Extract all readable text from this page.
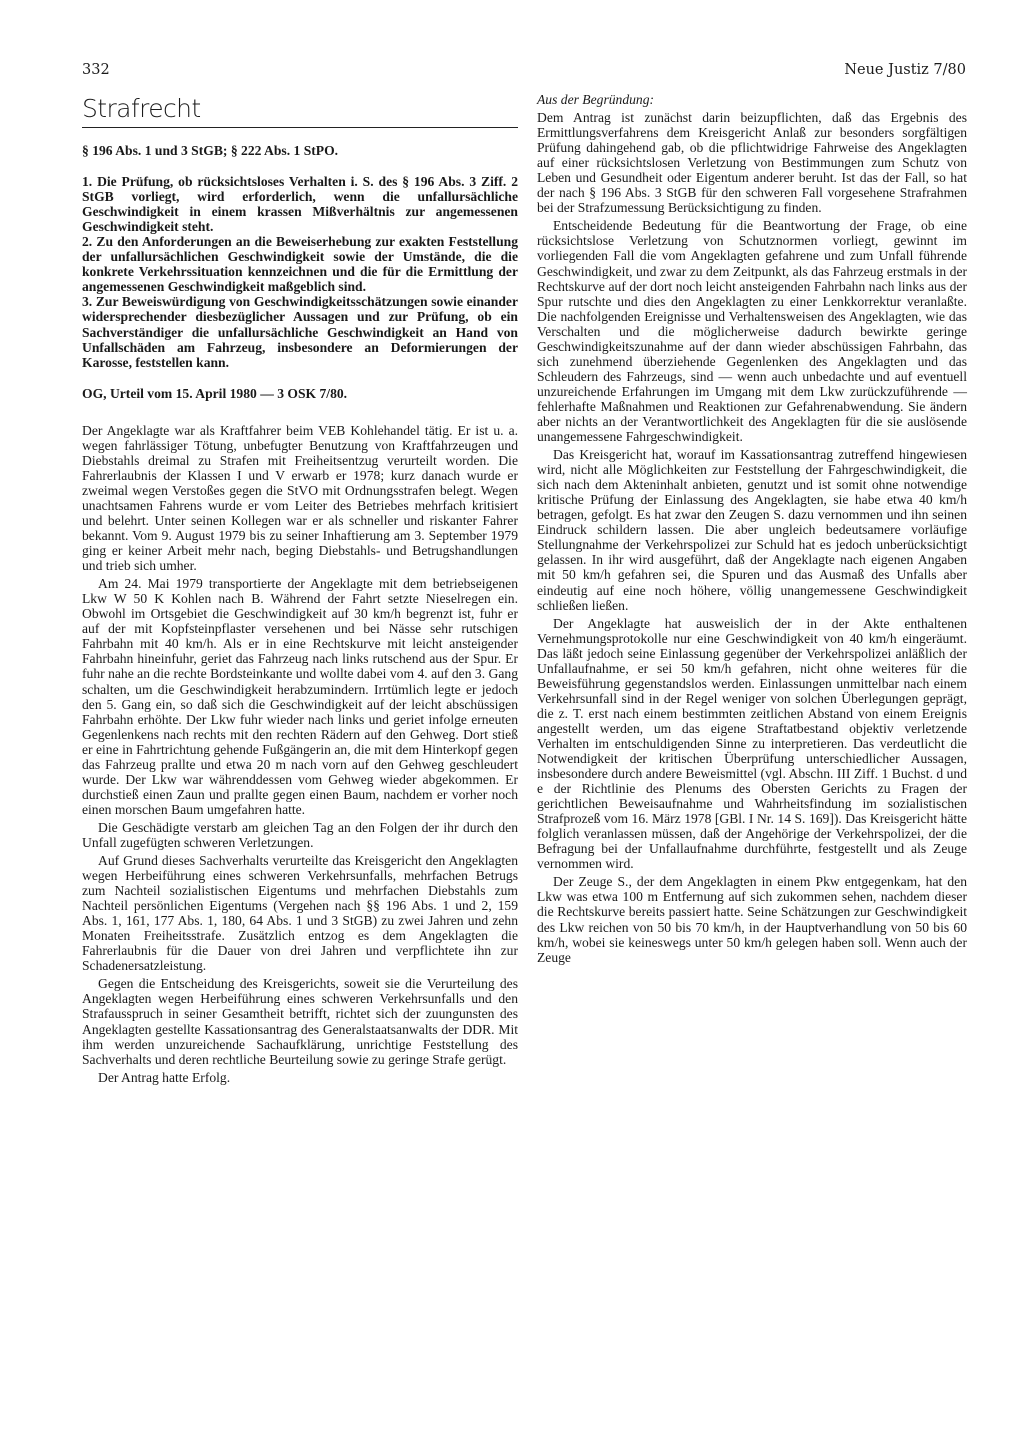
332	Neue Justiz 7/80
Strafrecht
§ 196 Abs. 1 und 3 StGB; § 222 Abs. 1 StPO.

1. Die Prüfung, ob rücksichtsloses Verhalten i. S. des § 196 Abs. 3 Ziff. 2 StGB vorliegt, wird erforderlich, wenn die unfallursächliche Geschwindigkeit in einem krassen Mißverhältnis zur angemessenen Geschwindigkeit steht.

2. Zu den Anforderungen an die Beweiserhebung zur exakten Feststellung der unfallursächlichen Geschwindigkeit sowie der Umstände, die die konkrete Verkehrssituation kennzeichnen und die für die Ermittlung der angemessenen Geschwindigkeit maßgeblich sind.

3. Zur Beweiswürdigung von Geschwindigkeitsschätzungen sowie einander widersprechender diesbezüglicher Aussagen und zur Prüfung, ob ein Sachverständiger die unfallursächliche Geschwindigkeit an Hand von Unfallschäden am Fahrzeug, insbesondere an Deformierungen der Karosse, feststellen kann.

OG, Urteil vom 15. April 1980 — 3 OSK 7/80.

Der Angeklagte war als Kraftfahrer beim VEB Kohlehandel tätig. Er ist u. a. wegen fahrlässiger Tötung, unbefugter Benutzung von Kraftfahrzeugen und Diebstahls dreimal zu Strafen mit Freiheitsentzug verurteilt worden. Die Fahrerlaubnis der Klassen I und V erwarb er 1978; kurz danach wurde er zweimal wegen Verstoßes gegen die StVO mit Ordnungsstrafen belegt. Wegen unachtsamen Fahrens wurde er vom Leiter des Betriebes mehrfach kritisiert und belehrt. Unter seinen Kollegen war er als schneller und riskanter Fahrer bekannt. Vom 9. August 1979 bis zu seiner Inhaftierung am 3. September 1979 ging er keiner Arbeit mehr nach, beging Diebstahls- und Betrugshandlungen und trieb sich umher.

Am 24. Mai 1979 transportierte der Angeklagte mit dem betriebseigenen Lkw W 50 K Kohlen nach B. Während der Fahrt setzte Nieselregen ein. Obwohl im Ortsgebiet die Geschwindigkeit auf 30 km/h begrenzt ist, fuhr er auf der mit Kopfsteinpflaster versehenen und bei Nässe sehr rutschigen Fahrbahn mit 40 km/h. Als er in eine Rechtskurve mit leicht ansteigender Fahrbahn hineinfuhr, geriet das Fahrzeug nach links rutschend aus der Spur. Er fuhr nahe an die rechte Bordsteinkante und wollte dabei vom 4. auf den 3. Gang schalten, um die Geschwindigkeit herabzumindern. Irrtümlich legte er jedoch den 5. Gang ein, so daß sich die Geschwindigkeit auf der leicht abschüssigen Fahrbahn erhöhte. Der Lkw fuhr wieder nach links und geriet infolge erneuten Gegenlenkens nach rechts mit den rechten Rädern auf den Gehweg. Dort stieß er eine in Fahrtrichtung gehende Fußgängerin an, die mit dem Hinterkopf gegen das Fahrzeug prallte und etwa 20 m nach vorn auf den Gehweg geschleudert wurde. Der Lkw war währenddessen vom Gehweg wieder abgekommen. Er durchstieß einen Zaun und prallte gegen einen Baum, nachdem er vorher noch einen morschen Baum umgefahren hatte.

Die Geschädigte verstarb am gleichen Tag an den Folgen der ihr durch den Unfall zugefügten schweren Verletzungen.

Auf Grund dieses Sachverhalts verurteilte das Kreisgericht den Angeklagten wegen Herbeiführung eines schweren Verkehrsunfalls, mehrfachen Betrugs zum Nachteil sozialistischen Eigentums und mehrfachen Diebstahls zum Nachteil persönlichen Eigentums (Vergehen nach §§ 196 Abs. 1 und 2, 159 Abs. 1, 161, 177 Abs. 1, 180, 64 Abs. 1 und 3 StGB) zu zwei Jahren und zehn Monaten Freiheitsstrafe. Zusätzlich entzog es dem Angeklagten die Fahrerlaubnis für die Dauer von drei Jahren und verpflichtete ihn zur Schadenersatzleistung.

Gegen die Entscheidung des Kreisgerichts, soweit sie die Verurteilung des Angeklagten wegen Herbeiführung eines schweren Verkehrsunfalls und den Strafausspruch in seiner Gesamtheit betrifft, richtet sich der zuungunsten des Angeklagten gestellte Kassationsantrag des Generalstaatsanwalts der DDR. Mit ihm werden unzureichende Sachaufklärung, unrichtige Feststellung des Sachverhalts und deren rechtliche Beurteilung sowie zu geringe Strafe gerügt.

Der Antrag hatte Erfolg.

Aus der Begründung:

Dem Antrag ist zunächst darin beizupflichten, daß das Ergebnis des Ermittlungsverfahrens dem Kreisgericht Anlaß zur besonders sorgfältigen Prüfung dahingehend gab, ob die pflichtwidrige Fahrweise des Angeklagten auf einer rücksichtslosen Verletzung von Bestimmungen zum Schutz von Leben und Gesundheit oder Eigentum anderer beruht. Ist das der Fall, so hat der nach § 196 Abs. 3 StGB für den schweren Fall vorgesehene Strafrahmen bei der Strafzumessung Berücksichtigung zu finden.

Entscheidende Bedeutung für die Beantwortung der Frage, ob eine rücksichtslose Verletzung von Schutznormen vorliegt, gewinnt im vorliegenden Fall die vom Angeklagten gefahrene und zum Unfall führende Geschwindigkeit, und zwar zu dem Zeitpunkt, als das Fahrzeug erstmals in der Rechtskurve auf der dort noch leicht ansteigenden Fahrbahn nach links aus der Spur rutschte und dies den Angeklagten zu einer Lenkkorrektur veranlaßte. Die nachfolgenden Ereignisse und Verhaltensweisen des Angeklagten, wie das Verschalten und die möglicherweise dadurch bewirkte geringe Geschwindigkeitszunahme auf der dann wieder abschüssigen Fahrbahn, das sich zunehmend überziehende Gegenlenken des Angeklagten und das Schleudern des Fahrzeugs, sind — wenn auch unbedachte und auf eventuell unzureichende Erfahrungen im Umgang mit dem Lkw zurückzuführende — fehlerhafte Maßnahmen und Reaktionen zur Gefahrenabwendung. Sie ändern aber nichts an der Verantwortlichkeit des Angeklagten für die sie auslösende unangemessene Fahrgeschwindigkeit.

Das Kreisgericht hat, worauf im Kassationsantrag zutreffend hingewiesen wird, nicht alle Möglichkeiten zur Feststellung der Fahrgeschwindigkeit, die sich nach dem Akteninhalt anbieten, genutzt und ist somit ohne notwendige kritische Prüfung der Einlassung des Angeklagten, sie habe etwa 40 km/h betragen, gefolgt. Es hat zwar den Zeugen S. dazu vernommen und ihn seinen Eindruck schildern lassen. Die aber ungleich bedeutsamere vorläufige Stellungnahme der Verkehrspolizei zur Schuld hat es jedoch unberücksichtigt gelassen. In ihr wird ausgeführt, daß der Angeklagte nach eigenen Angaben mit 50 km/h gefahren sei, die Spuren und das Ausmaß des Unfalls aber eindeutig auf eine noch höhere, völlig unangemessene Geschwindigkeit schließen ließen.

Der Angeklagte hat ausweislich der in der Akte enthaltenen Vernehmungsprotokolle nur eine Geschwindigkeit von 40 km/h eingeräumt. Das läßt jedoch seine Einlassung gegenüber der Verkehrspolizei anläßlich der Unfallaufnahme, er sei 50 km/h gefahren, nicht ohne weiteres für die Beweisführung gegenstandslos werden. Einlassungen unmittelbar nach einem Verkehrsunfall sind in der Regel weniger von solchen Überlegungen geprägt, die z. T. erst nach einem bestimmten zeitlichen Abstand von einem Ereignis angestellt werden, um das eigene Straftatbestand objektiv verletzende Verhalten im entschuldigenden Sinne zu interpretieren. Das verdeutlicht die Notwendigkeit der kritischen Überprüfung unterschiedlicher Aussagen, insbesondere durch andere Beweismittel (vgl. Abschn. III Ziff. 1 Buchst. d und e der Richtlinie des Plenums des Obersten Gerichts zu Fragen der gerichtlichen Beweisaufnahme und Wahrheitsfindung im sozialistischen Strafprozeß vom 16. März 1978 [GBl. I Nr. 14 S. 169]). Das Kreisgericht hätte folglich veranlassen müssen, daß der Angehörige der Verkehrspolizei, der die Befragung bei der Unfallaufnahme durchführte, festgestellt und als Zeuge vernommen wird.

Der Zeuge S., der dem Angeklagten in einem Pkw entgegenkam, hat den Lkw was etwa 100 m Entfernung auf sich zukommen sehen, nachdem dieser die Rechtskurve bereits passiert hatte. Seine Schätzungen zur Geschwindigkeit des Lkw reichen von 50 bis 70 km/h, in der Hauptverhandlung von 50 bis 60 km/h, wobei sie keineswegs unter 50 km/h gelegen haben soll. Wenn auch der Zeuge
